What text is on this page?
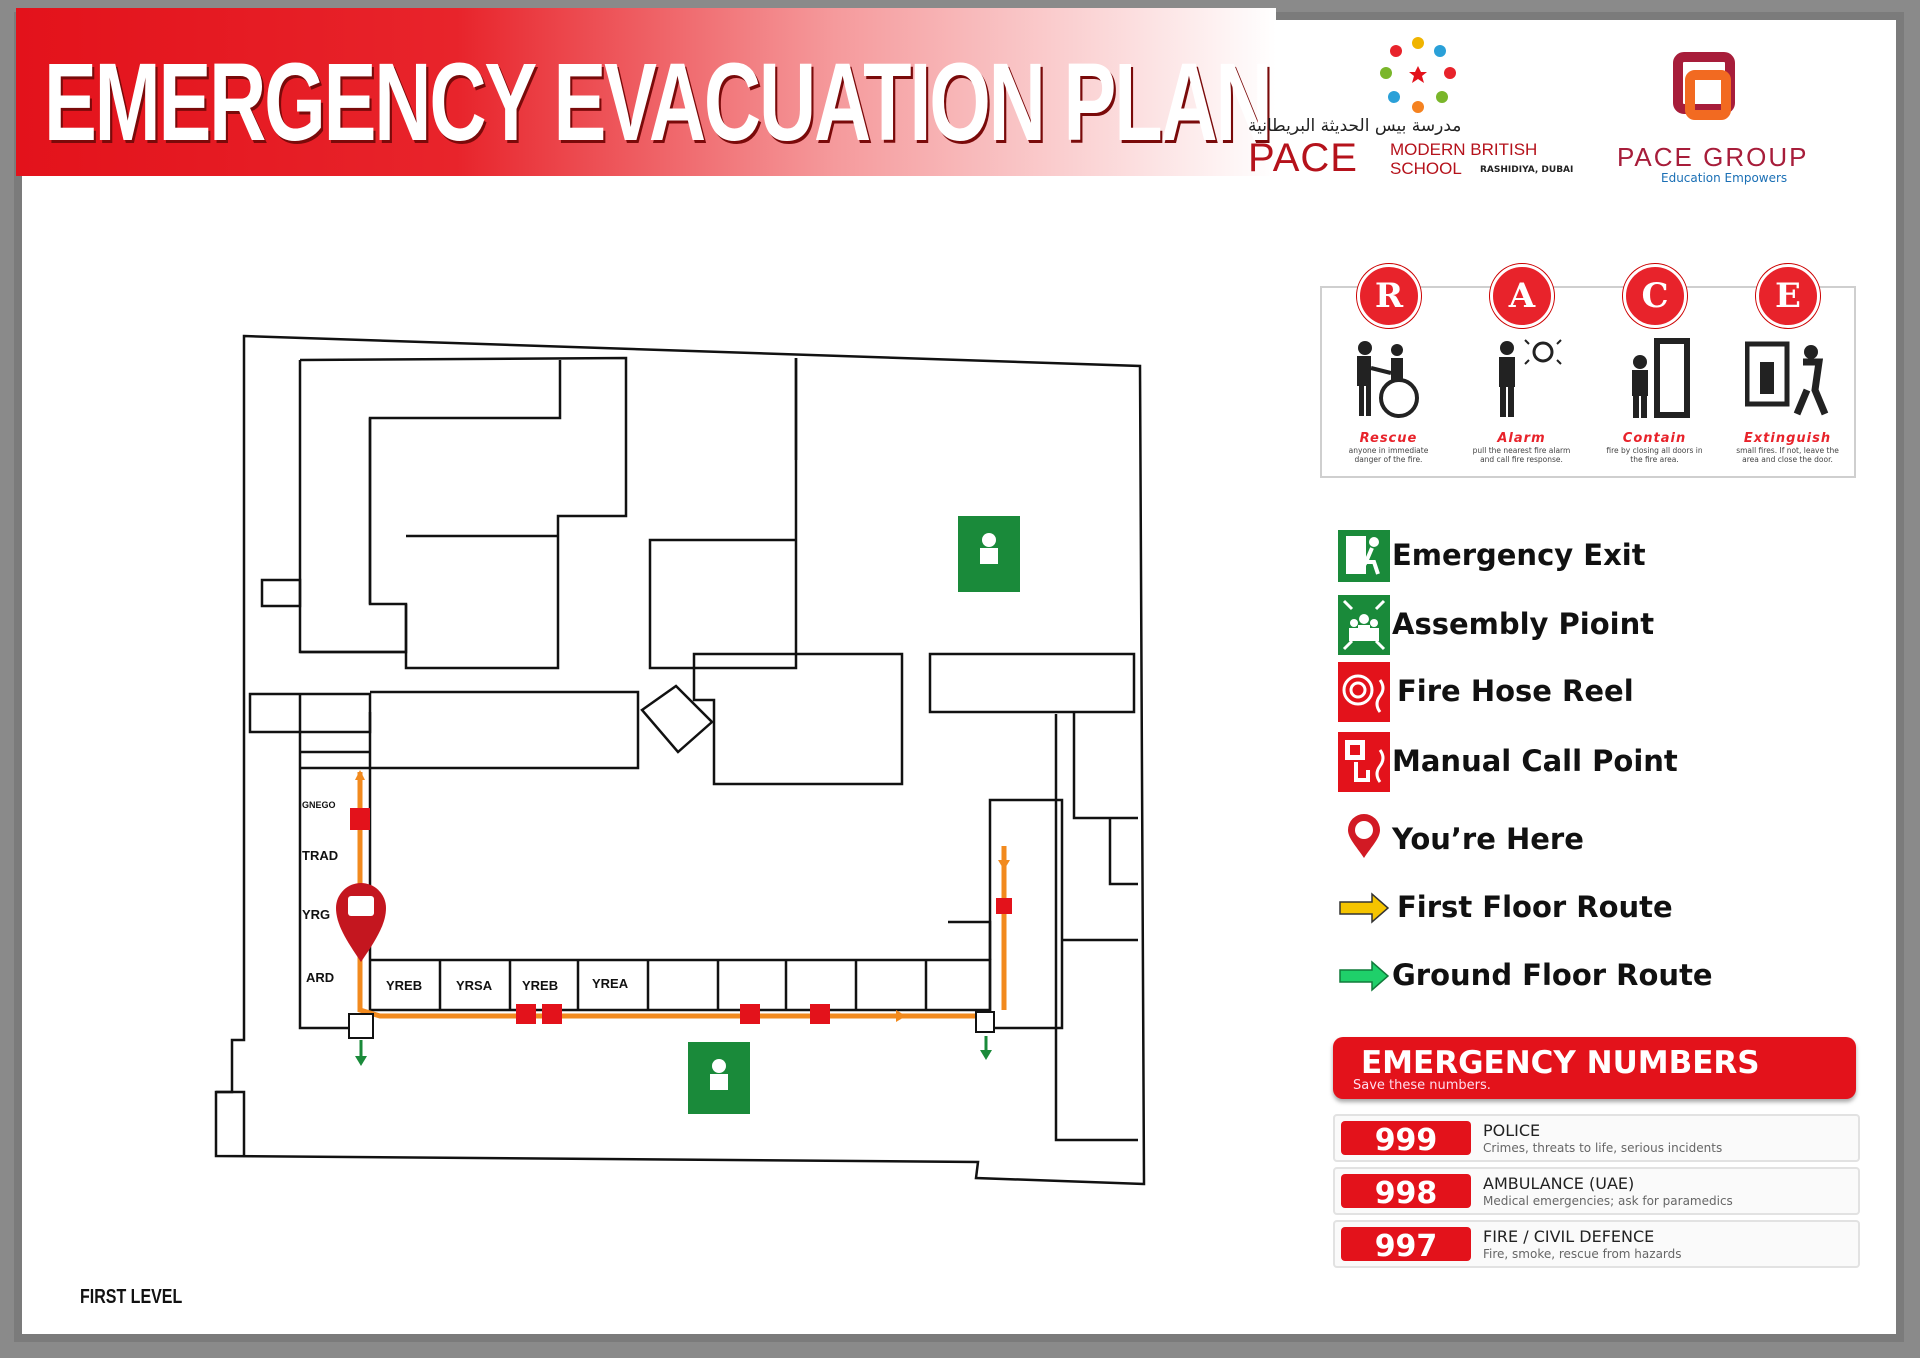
EMERGENCY EVACUATION PLAN
مدرسة بيس الحديثة البريطانية
PACE MODERN BRITISH
SCHOOL RASHIDIYA, DUBAI PACE GROUP
Education Empowers
R
Rescue
anyone in immediate danger of the fire.
A
Alarm
pull the nearest fire alarm and call fire response.
C
Contain
fire by closing all doors in the fire area.
E
Extinguish
small fires. If not, leave the area and close the door.
Emergency Exit
Assembly Pioint
Fire Hose Reel
Manual Call Point
You’re Here
First Floor Route
Ground Floor Route
EMERGENCY NUMBERS
Save these numbers.
999	POLICE
Crimes, threats to life, serious incidents
998	AMBULANCE (UAE)
Medical emergencies; ask for paramedics
997	FIRE / CIVIL DEFENCE
Fire, smoke, rescue from hazards
YREB	YRSA YREB	YREA
TRAD
YRG
ARD
GNEGO
FIRST LEVEL
